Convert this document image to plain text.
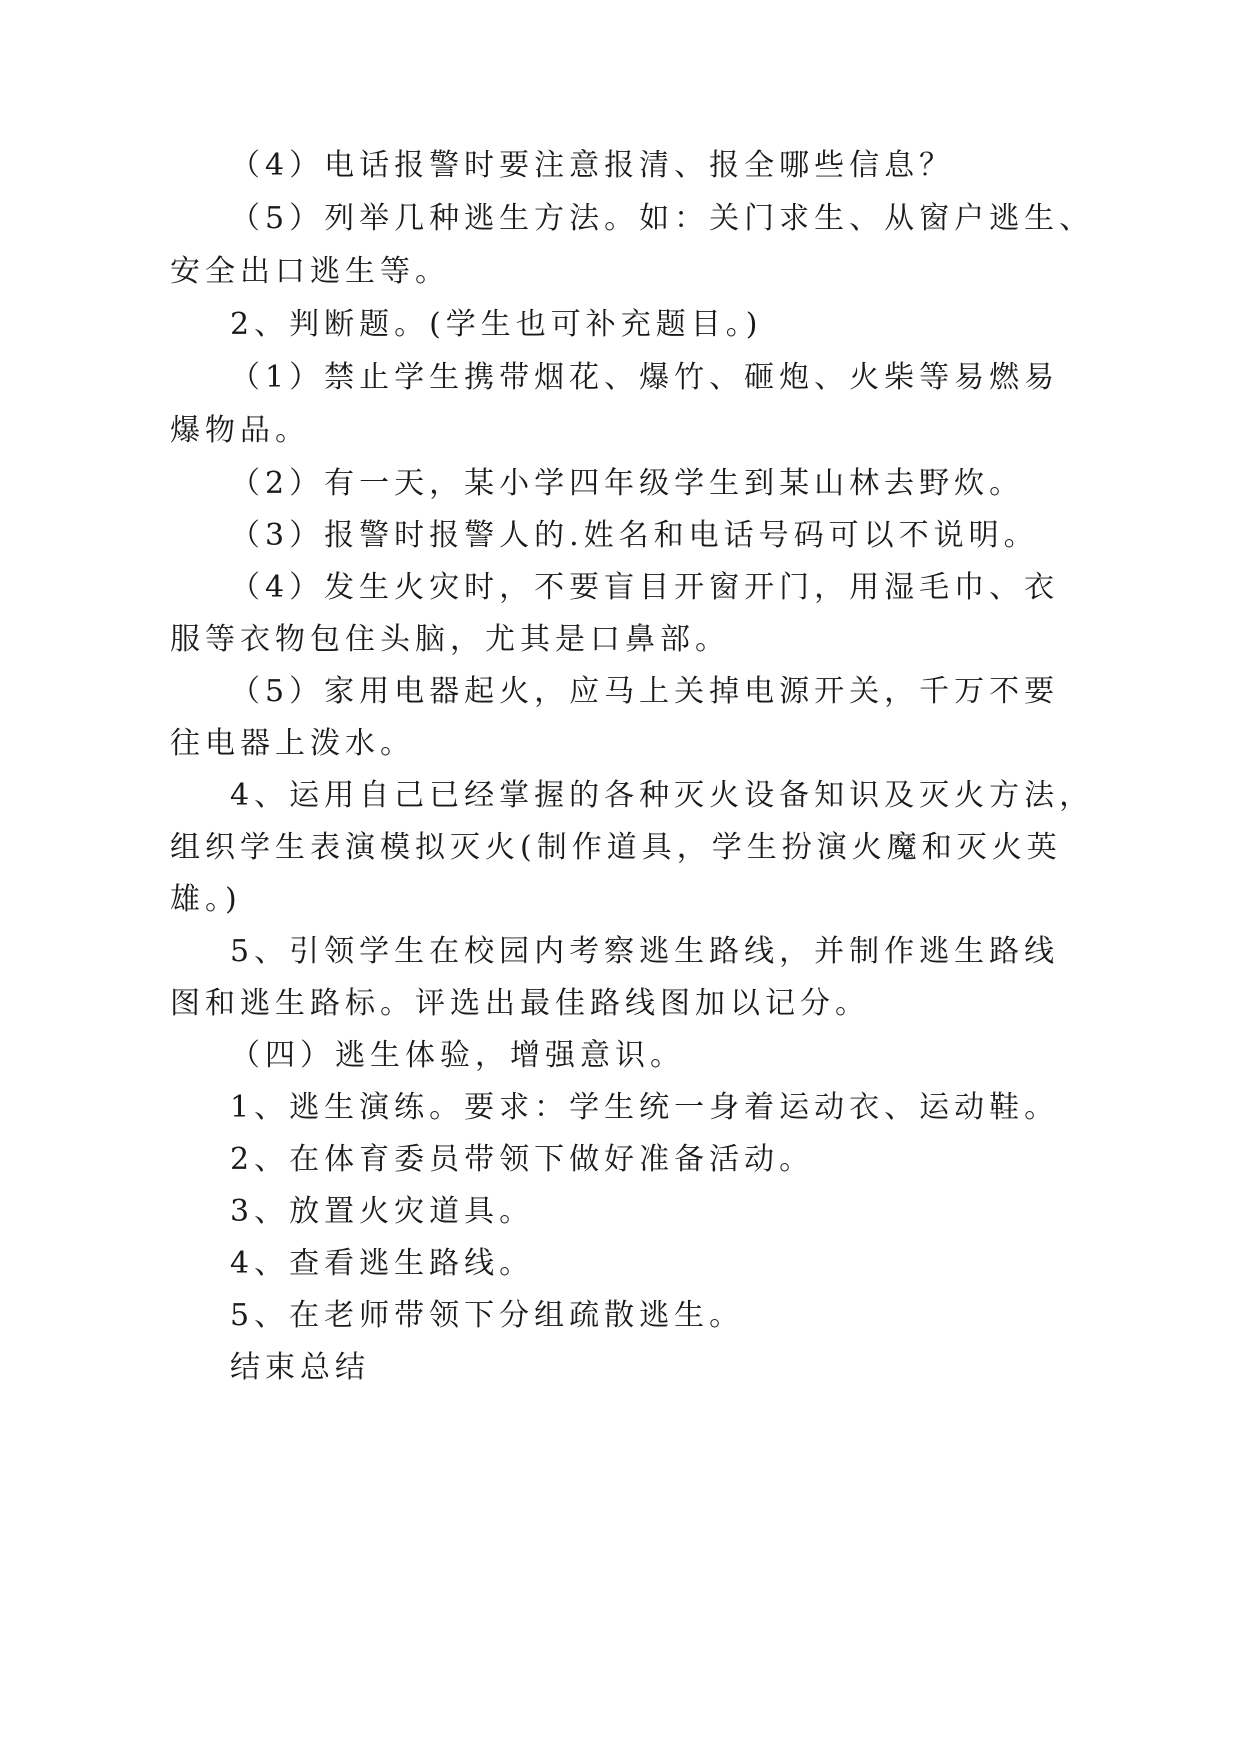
（4）电话报警时要注意报清、报全哪些信息？
（5）列举几种逃生方法。如：关门求生、从窗户逃生、
安全出口逃生等。
2、判断题。(学生也可补充题目。)
（1）禁止学生携带烟花、爆竹、砸炮、火柴等易燃易
爆物品。
（2）有一天，某小学四年级学生到某山林去野炊。
（3）报警时报警人的.姓名和电话号码可以不说明。
（4）发生火灾时，不要盲目开窗开门，用湿毛巾、衣
服等衣物包住头脑，尤其是口鼻部。
（5）家用电器起火，应马上关掉电源开关，千万不要
往电器上泼水。
4、运用自己已经掌握的各种灭火设备知识及灭火方法，
组织学生表演模拟灭火(制作道具，学生扮演火魔和灭火英
雄。)
5、引领学生在校园内考察逃生路线，并制作逃生路线
图和逃生路标。评选出最佳路线图加以记分。
（四）逃生体验，增强意识。
1、逃生演练。要求：学生统一身着运动衣、运动鞋。
2、在体育委员带领下做好准备活动。
3、放置火灾道具。
4、查看逃生路线。
5、在老师带领下分组疏散逃生。
结束总结
